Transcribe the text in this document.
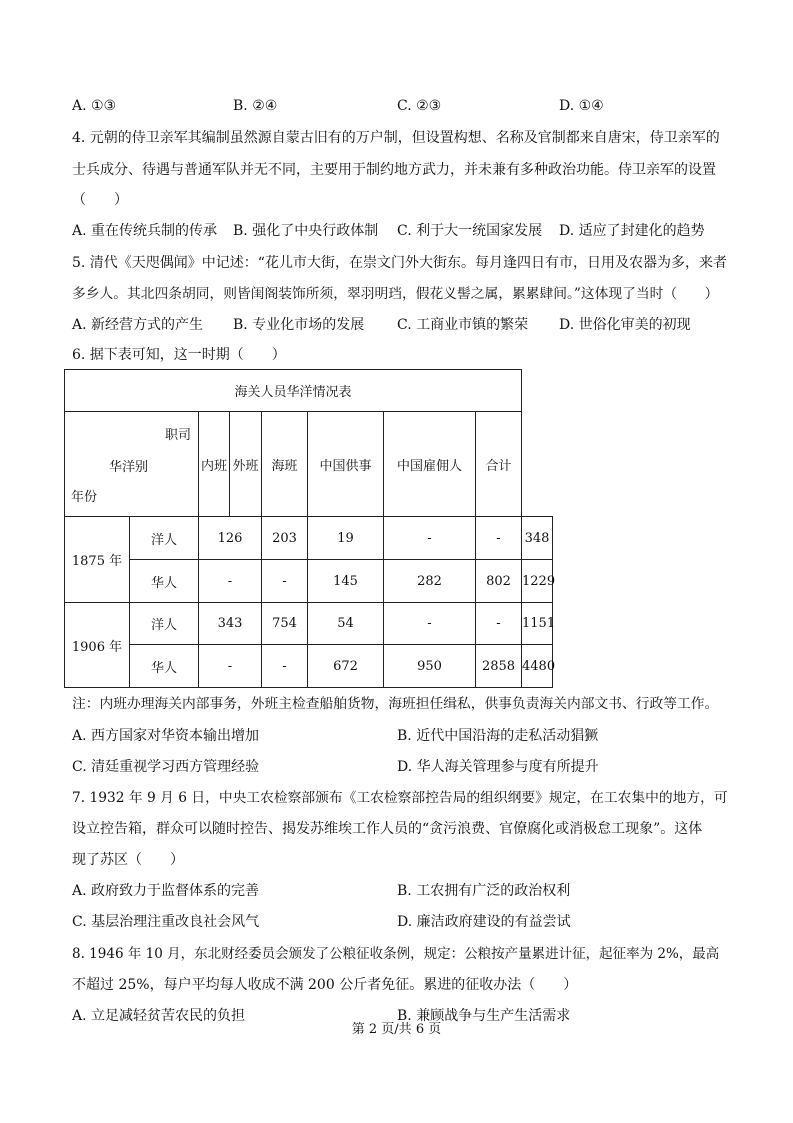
A. ①③	B. ②④	C. ②③	D. ①④
4. 元朝的侍卫亲军其编制虽然源自蒙古旧有的万户制，但设置构想、名称及官制都来自唐宋，侍卫亲军的
士兵成分、待遇与普通军队并无不同，主要用于制约地方武力，并未兼有多种政治功能。侍卫亲军的设置
（　　）
A. 重在传统兵制的传承 B. 强化了中央行政体制 C. 利于大一统国家发展 D. 适应了封建化的趋势
5. 清代《天咫偶闻》中记述：“花儿市大街，在崇文门外大街东。每月逢四日有市，日用及农器为多，来者
多乡人。其北四条胡同，则皆闺阁装饰所须，翠羽明珰，假花义髻之属，累累肆间。”这体现了当时（　　）
A. 新经营方式的产生 B. 专业化市场的发展 C. 工商业市镇的繁荣 D. 世俗化审美的初现
6. 据下表可知，这一时期（　　）
海关人员华洋情况表								

职司
华洋别
年份		内班	外班	海班	中国供事	中国雇佣人	合计	
1875 年	洋人	126		203	19	-	-	348
	华人	-		-	145	282	802	1229
1906 年	洋人	343		754	54	-	-	1151
	华人	-		-	672	950	2858	4480
注：内班办理海关内部事务，外班主检查船舶货物，海班担任缉私，供事负责海关内部文书、行政等工作。
A. 西方国家对华资本输出增加	B. 近代中国沿海的走私活动猖獗
C. 清廷重视学习西方管理经验	D. 华人海关管理参与度有所提升
7. 1932 年 9 月 6 日，中央工农检察部颁布《工农检察部控告局的组织纲要》规定，在工农集中的地方，可
设立控告箱，群众可以随时控告、揭发苏维埃工作人员的“贪污浪费、官僚腐化或消极怠工现象”。这体
现了苏区（　　）
A. 政府致力于监督体系的完善	B. 工农拥有广泛的政治权利
C. 基层治理注重改良社会风气	D. 廉洁政府建设的有益尝试
8. 1946 年 10 月，东北财经委员会颁发了公粮征收条例，规定：公粮按产量累进计征，起征率为 2%，最高
不超过 25%，每户平均每人收成不满 200 公斤者免征。累进的征收办法（　　）
A. 立足减轻贫苦农民的负担	B. 兼顾战争与生产生活需求
第 2 页/共 6 页
